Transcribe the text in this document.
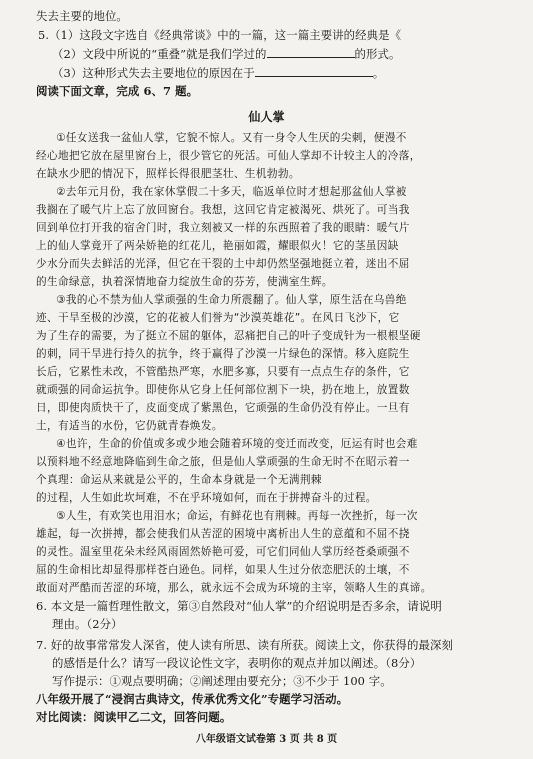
失去主要的地位。
5.（1）这段文字选自《经典常谈》中的一篇，这一篇主要讲的经典是《
（2）文段中所说的“重叠”就是我们学过的	的形式。
（3）这种形式失去主要地位的原因在于	。
阅读下面文章，完成 6、7 题。
仙人掌
①任女送我一盆仙人掌，它貌不惊人。又有一身令人生厌的尖刺，便漫不
经心地把它放在屋里窗台上，很少管它的死活。可仙人掌却不计较主人的冷落，
在缺水少肥的情况下，照样长得很肥茎壮、生机勃勃。
②去年元月份，我在家休掌假二十多天，临返单位时才想起那盆仙人掌被
我搁在了暖气片上忘了放回窗台。我想，这回它肯定被渴死、烘死了。可当我
回到单位打开我的宿舍门时，我立刻被又一样的东西照着了我的眼睛：暖气片
上的仙人掌竟开了两朵娇艳的红花儿，艳丽如霞，耀眼似火！它的茎虽因缺
少水分而失去鲜活的光泽，但它在干裂的土中却仍然坚强地挺立着，迷出不屈
的生命绿意，执着深情地奋力绽放生命的芬芳，使满室生辉。
③我的心不禁为仙人掌顽强的生命力所震翻了。仙人掌，原生活在乌兽绝
迹、干旱至极的沙漠，它的花被人们誉为“沙漠英雄花”。在风日飞沙下，它
为了生存的需要，为了挺立不屈的躯体，忍痛把自己的叶子变成针为一根根坚硬
的刺，同干旱进行持久的抗争，终于赢得了沙漠一片绿色的深情。移入庭院生
长后，它累性未改，不管酷热严寒，水肥多寡，只要有一点点生存的条件，它
就顽强的同命运抗争。即使你从它身上任何部位割下一块，扔在地上，放置数
日，即使肉质快干了，皮面变成了紫黑色，它顽强的生命仍没有停止。一旦有
土，有适当的水份，它仍就青春焕发。
④也许，生命的价值或多或少地会随着环境的变迁而改变，厄运有时也会难
以预料地不经意地降临到生命之旅，但是仙人掌顽强的生命无时不在昭示着一
个真理：命运从来就是公平的，生命本身就是一个无满荆棘
的过程，人生如此坎坷难，不在乎环境如何，而在于拼搏奋斗的过程。
⑤人生，有欢笑也用泪水；命运，有鲜花也有荆棘。再每一次挫折，每一次
雄起，每一次拼搏，都会使我们从苦涩的困境中离析出人生的意蕴和不屈不挠
的灵性。温室里花朵未经风雨固然娇艳可爱，可它们同仙人掌历经苍桑顽强不
屈的生命相比却显得那样苍白逊色。同样，如果人生过分依恋肥沃的土壤，不
敢面对严酷而苦涩的环境，那么，就永远不会成为环境的主宰，领略人生的真谛。
6. 本文是一篇哲理性散文，第③自然段对“仙人掌”的介绍说明是否多余，请说明
理由。（2分）
7. 好的故事常常发人深省，使人读有所思、读有所获。阅读上文，你获得的最深刻
的感悟是什么？请写一段议论性文字，表明你的观点并加以阐述。（8分）
写作提示：①观点要明确；②阐述理由要充分；③不少于 100 字。
八年级开展了“浸润古典诗文，传承优秀文化”专题学习活动。
对比阅读：阅读甲乙二文，回答问题。
八年级语文试卷第 3 页 共 8 页
